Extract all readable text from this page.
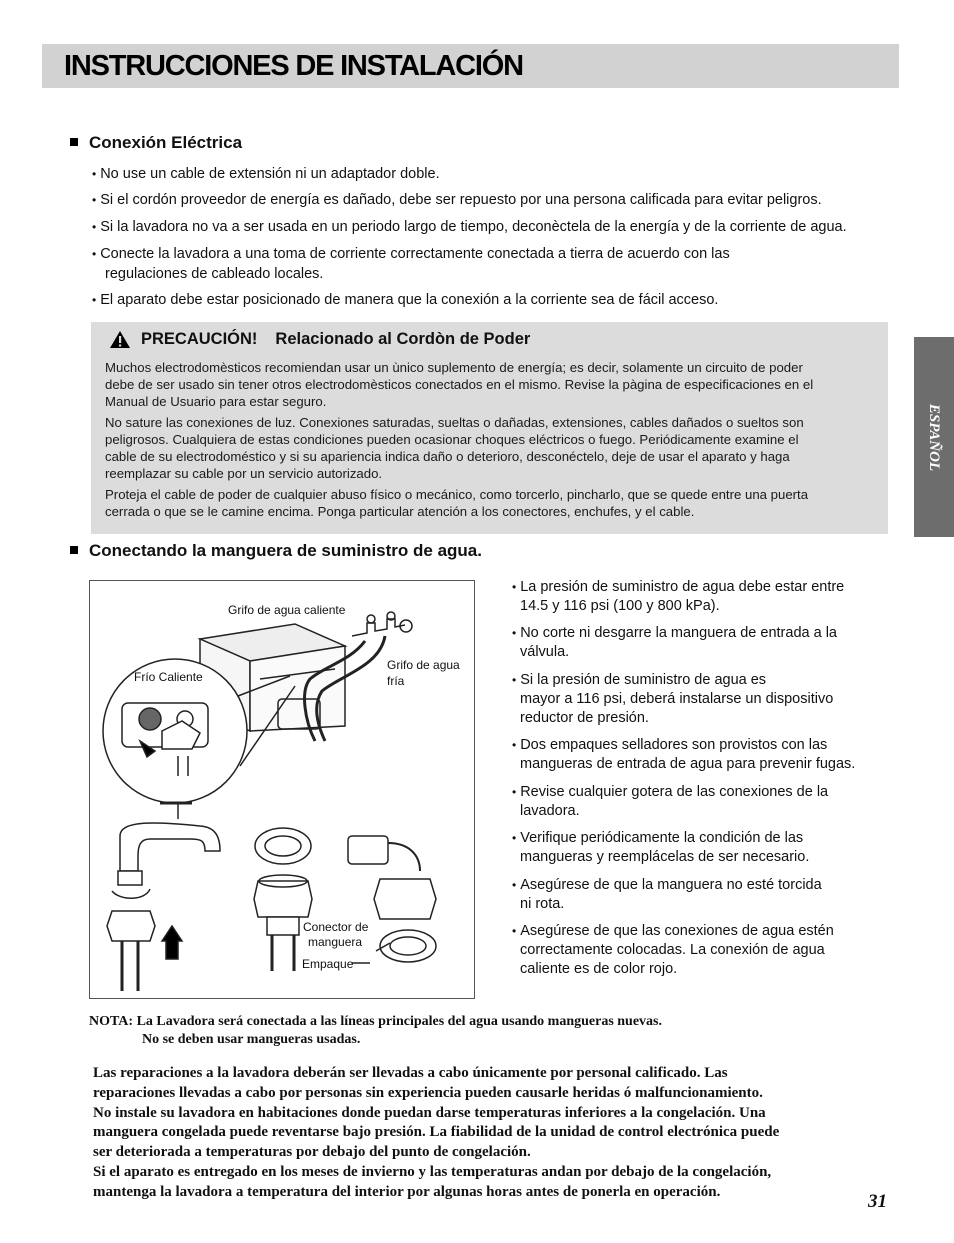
INSTRUCCIONES DE INSTALACIÓN
ESPAÑOL
Conexión Eléctrica
• No use un cable de extensión ni un adaptador doble.
• Si el cordón proveedor de energía es dañado, debe ser repuesto por una persona calificada para evitar peligros.
• Si la lavadora no va a ser usada en un periodo largo de tiempo, deconèctela de la energía y de la corriente de agua.
• Conecte la lavadora a una toma de corriente correctamente conectada a tierra de acuerdo con las
regulaciones de cableado locales.
• El aparato debe estar posicionado de manera que la conexión a la corriente sea de fácil acceso.
PRECAUCIÓN! Relacionado al Cordòn de Poder
Muchos electrodomèsticos recomiendan usar un ùnico suplemento de energía; es decir, solamente un circuito de poder
debe de ser usado sin tener otros electrodomèsticos conectados en el mismo. Revise la pàgina de especificaciones en el
Manual de Usuario para estar seguro.
No sature las conexiones de luz. Conexiones saturadas, sueltas o dañadas, extensiones, cables dañados o sueltos son
peligrosos. Cualquiera de estas condiciones pueden ocasionar choques eléctricos o fuego. Periódicamente examine el
cable de su electrodoméstico y si su apariencia indica daño o deterioro, desconéctelo, deje de usar el aparato y haga
reemplazar su cable por un servicio autorizado.
Proteja el cable de poder de cualquier abuso físico o mecánico, como torcerlo, pincharlo, que se quede entre una puerta
cerrada o que se le camine encima. Ponga particular atención a los conectores, enchufes, y el cable.
Conectando la manguera de suministro de agua.
Grifo de agua caliente
Frío Caliente
Grifo de agua
fría
Conector de
manguera
Empaque
• La presión de suministro de agua debe estar entre
14.5 y 116 psi (100 y 800 kPa).
• No corte ni desgarre la manguera de entrada a la
válvula.
• Si la presión de suministro de agua es
mayor a 116 psi, deberá instalarse un dispositivo
reductor de presión.
• Dos empaques selladores son provistos con las
mangueras de entrada de agua para prevenir fugas.
• Revise cualquier gotera de las conexiones de la
lavadora.
• Verifique periódicamente la condición de las
mangueras y reemplácelas de ser necesario.
• Asegúrese de que la manguera no esté torcida
ni rota.
• Asegúrese de que las conexiones de agua estén
correctamente colocadas. La conexión de agua
caliente es de color rojo.
NOTA: La Lavadora será conectada a las líneas principales del agua usando mangueras nuevas.
No se deben usar mangueras usadas.
Las reparaciones a la lavadora deberán ser llevadas a cabo únicamente por personal calificado. Las
reparaciones llevadas a cabo por personas sin experiencia pueden causarle heridas ó malfuncionamiento.
No instale su lavadora en habitaciones donde puedan darse temperaturas inferiores a la congelación. Una
manguera congelada puede reventarse bajo presión. La fiabilidad de la unidad de control electrónica puede
ser deteriorada a temperaturas por debajo del punto de congelación.
Si el aparato es entregado en los meses de invierno y las temperaturas andan por debajo de la congelación,
mantenga la lavadora a temperatura del interior por algunas horas antes de ponerla en operación.	31
